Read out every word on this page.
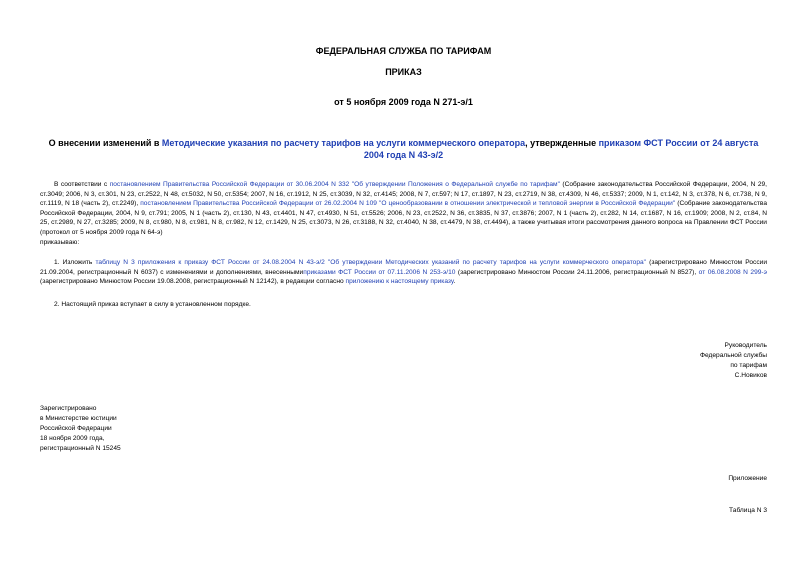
ФЕДЕРАЛЬНАЯ СЛУЖБА ПО ТАРИФАМ
ПРИКАЗ
от 5 ноября 2009 года N 271-э/1
О внесении изменений в Методические указания по расчету тарифов на услуги коммерческого оператора, утвержденные приказом ФСТ России от 24 августа 2004 года N 43-э/2
В соответствии с постановлением Правительства Российской Федерации от 30.06.2004 N 332 "Об утверждении Положения о Федеральной службе по тарифам" (Собрание законодательства Российской Федерации, 2004, N 29, ст.3049; 2006, N 3, ст.301, N 23, ст.2522, N 48, ст.5032, N 50, ст.5354; 2007, N 16, ст.1912, N 25, ст.3039, N 32, ст.4145; 2008, N 7, ст.597; N 17, ст.1897, N 23, ст.2719, N 38, ст.4309, N 46, ст.5337; 2009, N 1, ст.142, N 3, ст.378, N 6, ст.738, N 9, ст.1119, N 18 (часть 2), ст.2249), постановлением Правительства Российской Федерации от 26.02.2004 N 109 "О ценообразовании в отношении электрической и тепловой энергии в Российской Федерации" (Собрание законодательства Российской Федерации, 2004, N 9, ст.791; 2005, N 1 (часть 2), ст.130, N 43, ст.4401, N 47, ст.4930, N 51, ст.5526; 2006, N 23, ст.2522, N 36, ст.3835, N 37, ст.3876; 2007, N 1 (часть 2), ст.282, N 14, ст.1687, N 16, ст.1909; 2008, N 2, ст.84, N 25, ст.2989, N 27, ст.3285; 2009, N 8, ст.980, N 8, ст.981, N 8, ст.982, N 12, ст.1429, N 25, ст.3073, N 26, ст.3188, N 32, ст.4040, N 38, ст.4479, N 38, ст.4494), а также учитывая итоги рассмотрения данного вопроса на Правлении ФСТ России (протокол от 5 ноября 2009 года N 64-э)
приказываю:
1. Изложить таблицу N 3 приложения к приказу ФСТ России от 24.08.2004 N 43-э/2 "Об утверждении Методических указаний по расчету тарифов на услуги коммерческого оператора" (зарегистрировано Минюстом России 21.09.2004, регистрационный N 6037) с изменениями и дополнениями, внесеннымиприказами ФСТ России от 07.11.2006 N 253-э/10 (зарегистрировано Минюстом России 24.11.2006, регистрационный N 8527), от 06.08.2008 N 299-э (зарегистрировано Минюстом России 19.08.2008, регистрационный N 12142), в редакции согласно приложению к настоящему приказу.
2. Настоящий приказ вступает в силу в установленном порядке.
Руководитель
Федеральной службы
по тарифам
С.Новиков
Зарегистрировано
в Министерстве юстиции
Российской Федерации
18 ноября 2009 года,
регистрационный N 15245
Приложение
Таблица N 3
